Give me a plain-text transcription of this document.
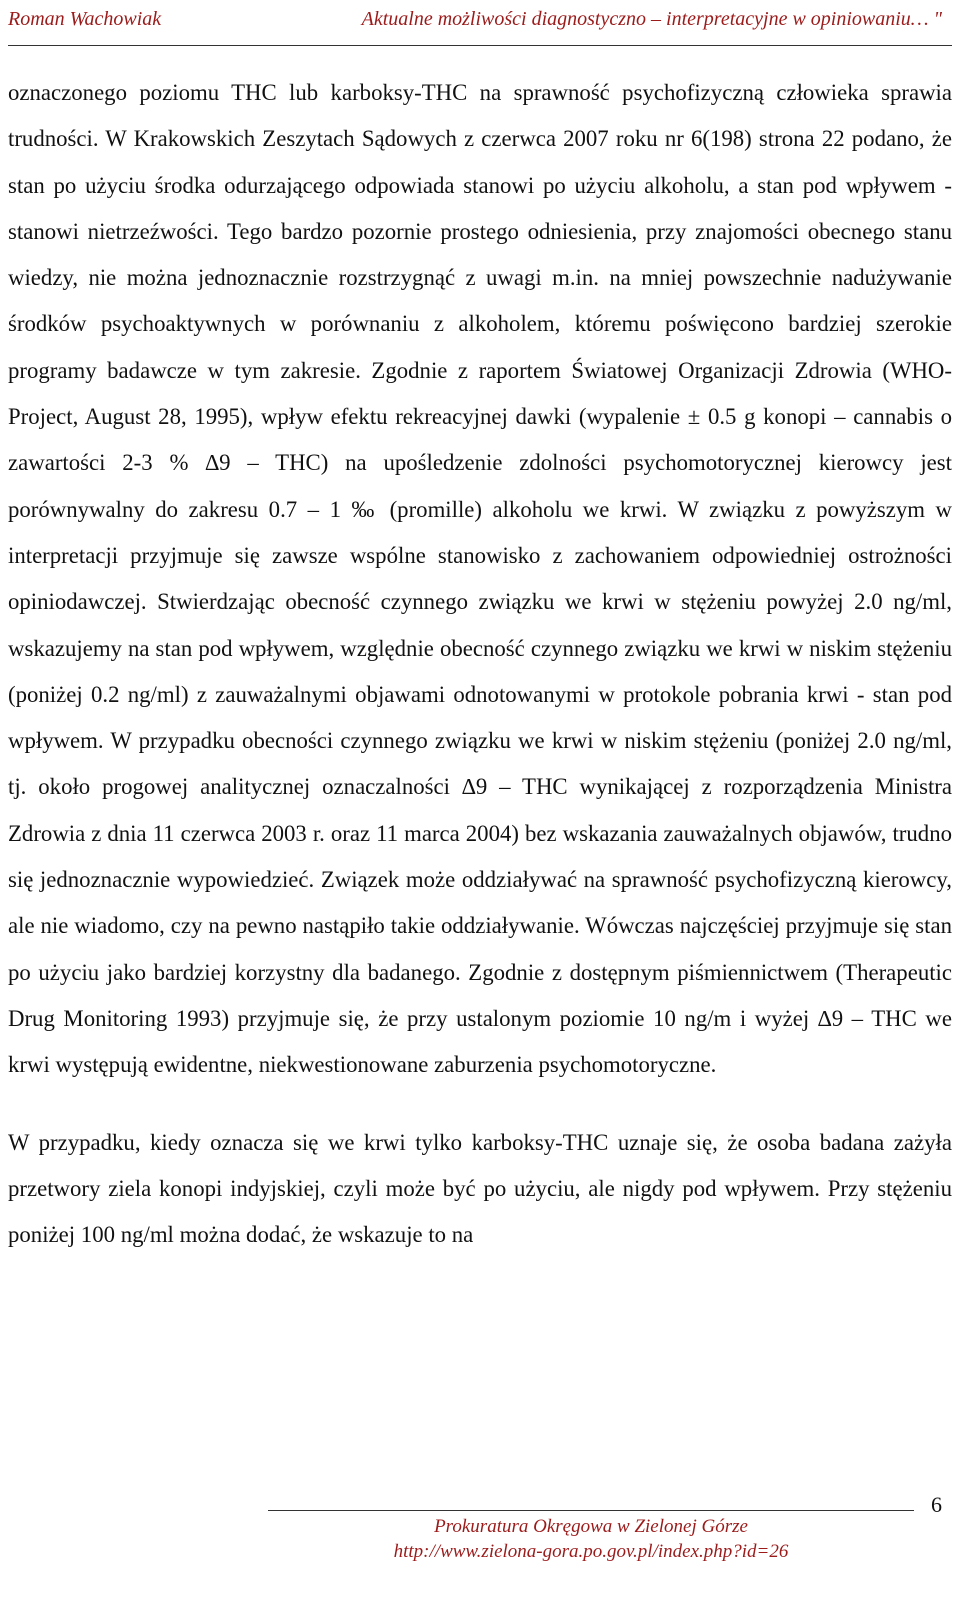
Roman Wachowiak	Aktualne możliwości diagnostyczno – interpretacyjne w opiniowaniu… "

oznaczonego poziomu THC lub karboksy-THC na sprawność psychofizyczną człowieka sprawia trudności. W Krakowskich Zeszytach Sądowych z czerwca 2007 roku nr 6(198) strona 22 podano, że stan po użyciu środka odurzającego odpowiada stanowi po użyciu alkoholu, a stan pod wpływem - stanowi nietrzeźwości. Tego bardzo pozornie prostego odniesienia, przy znajomości obecnego stanu wiedzy, nie można jednoznacznie rozstrzygnąć z uwagi m.in. na mniej powszechnie nadużywanie środków psychoaktywnych w porównaniu z alkoholem, któremu poświęcono bardziej szerokie programy badawcze w tym zakresie. Zgodnie z raportem Światowej Organizacji Zdrowia (WHO-Project, August 28, 1995), wpływ efektu rekreacyjnej dawki (wypalenie ± 0.5 g konopi – cannabis o zawartości 2-3 % ∆9 – THC) na upośledzenie zdolności psychomotorycznej kierowcy jest porównywalny do zakresu 0.7 – 1 ‰ (promille) alkoholu we krwi. W związku z powyższym w interpretacji przyjmuje się zawsze wspólne stanowisko z zachowaniem odpowiedniej ostrożności opiniodawczej. Stwierdzając obecność czynnego związku we krwi w stężeniu powyżej 2.0 ng/ml, wskazujemy na stan pod wpływem, względnie obecność czynnego związku we krwi w niskim stężeniu (poniżej 0.2 ng/ml) z zauważalnymi objawami odnotowanymi w protokole pobrania krwi - stan pod wpływem. W przypadku obecności czynnego związku we krwi w niskim stężeniu (poniżej 2.0 ng/ml, tj. około progowej analitycznej oznaczalności ∆9 – THC wynikającej z rozporządzenia Ministra Zdrowia z dnia 11 czerwca 2003 r. oraz 11 marca 2004) bez wskazania zauważalnych objawów, trudno się jednoznacznie wypowiedzieć. Związek może oddziaływać na sprawność psychofizyczną kierowcy, ale nie wiadomo, czy na pewno nastąpiło takie oddziaływanie. Wówczas najczęściej przyjmuje się stan po użyciu jako bardziej korzystny dla badanego. Zgodnie z dostępnym piśmiennictwem (Therapeutic Drug Monitoring 1993) przyjmuje się, że przy ustalonym poziomie 10 ng/m i wyżej ∆9 – THC we krwi występują ewidentne, niekwestionowane zaburzenia psychomotoryczne.

W przypadku, kiedy oznacza się we krwi tylko karboksy-THC uznaje się, że osoba badana zażyła przetwory ziela konopi indyjskiej, czyli może być po użyciu, ale nigdy pod wpływem. Przy stężeniu poniżej 100 ng/ml można dodać, że wskazuje to na

6
Prokuratura Okręgowa w Zielonej Górze
http://www.zielona-gora.po.gov.pl/index.php?id=26
